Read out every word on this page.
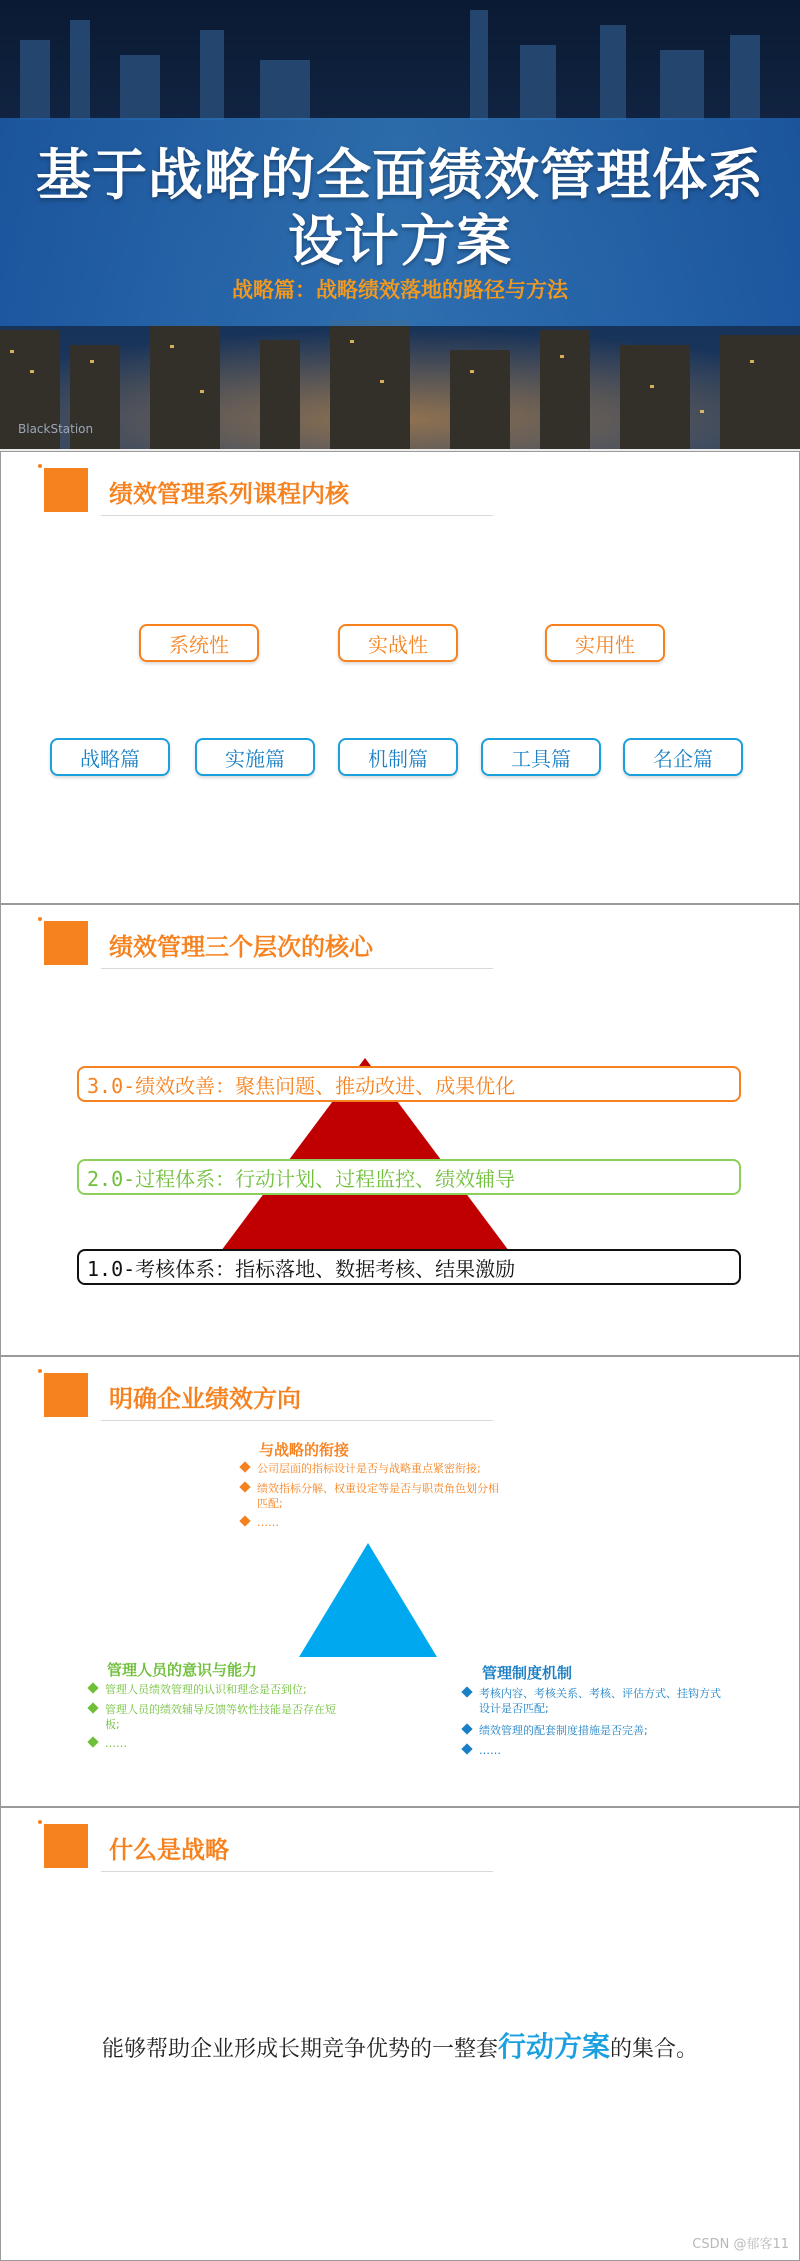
基于战略的全面绩效管理体系
设计方案
战略篇：战略绩效落地的路径与方法
BlackStation
绩效管理系列课程内核
系统性	实战性	实用性
战略篇	实施篇	机制篇	工具篇	名企篇
绩效管理三个层次的核心
3.0-绩效改善：聚焦问题、推动改进、成果优化
2.0-过程体系：行动计划、过程监控、绩效辅导
1.0-考核体系：指标落地、数据考核、结果激励
明确企业绩效方向
与战略的衔接
公司层面的指标设计是否与战略重点紧密衔接;
绩效指标分解、权重设定等是否与职责角色划分相匹配;
……
管理人员的意识与能力
管理人员绩效管理的认识和理念是否到位;
管理人员的绩效辅导反馈等软性技能是否存在短板;
……
管理制度机制
考核内容、考核关系、考核、评估方式、挂钩方式设计是否匹配;
绩效管理的配套制度措施是否完善;
……
什么是战略
能够帮助企业形成长期竞争优势的一整套行动方案的集合。
CSDN @郁客11
